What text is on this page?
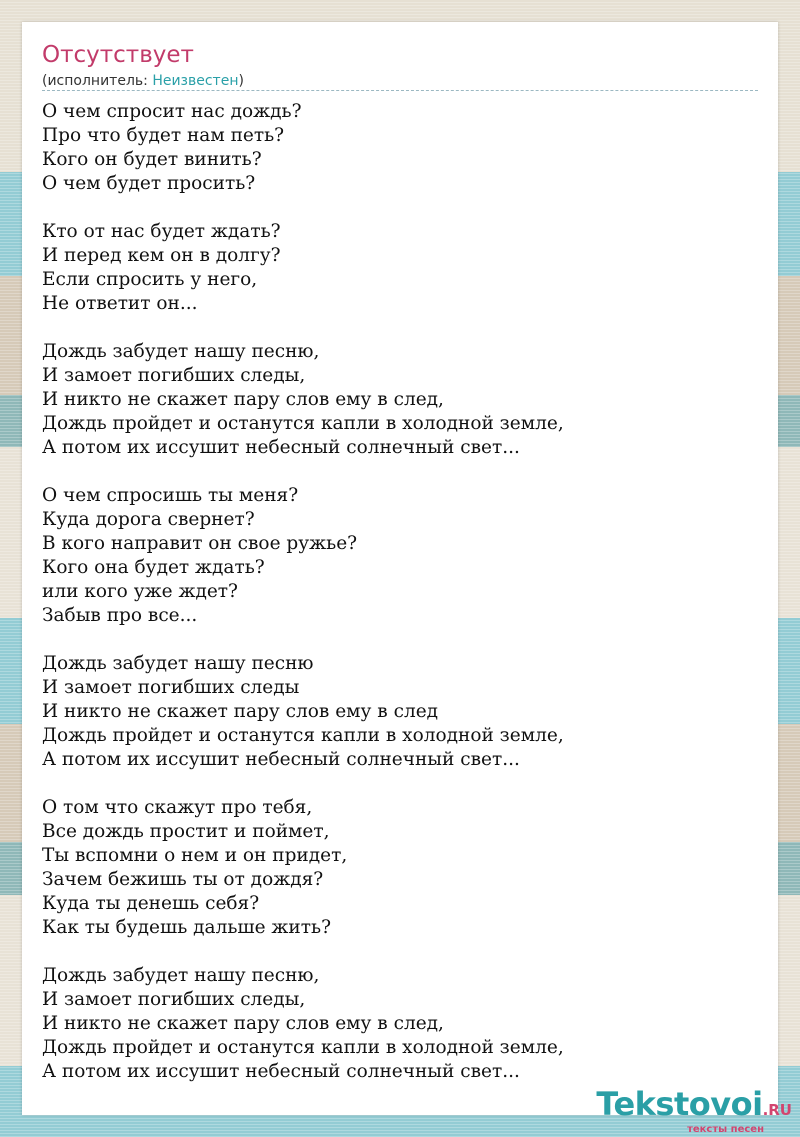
Отсутствует
(исполнитель: Неизвестен)
О чем спросит нас дождь?
Про что будет нам петь?
Кого он будет винить?
О чем будет просить?
Кто от нас будет ждать?
И перед кем он в долгу?
Если спросить у него,
Не ответит он...
Дождь забудет нашу песню,
И замоет погибших следы,
И никто не скажет пару слов ему в след,
Дождь пройдет и останутся капли в холодной земле,
А потом их иссушит небесный солнечный свет...
О чем спросишь ты меня?
Куда дорога свернет?
В кого направит он свое ружье?
Кого она будет ждать?
или кого уже ждет?
Забыв про все...
Дождь забудет нашу песню
И замоет погибших следы
И никто не скажет пару слов ему в след
Дождь пройдет и останутся капли в холодной земле,
А потом их иссушит небесный солнечный свет...
О том что скажут про тебя,
Все дождь простит и поймет,
Ты вспомни о нем и он придет,
Зачем бежишь ты от дождя?
Куда ты денешь себя?
Как ты будешь дальше жить?
Дождь забудет нашу песню,
И замоет погибших следы,
И никто не скажет пару слов ему в след,
Дождь пройдет и останутся капли в холодной земле,
А потом их иссушит небесный солнечный свет...
Tekstovoi.RU
тексты песен
